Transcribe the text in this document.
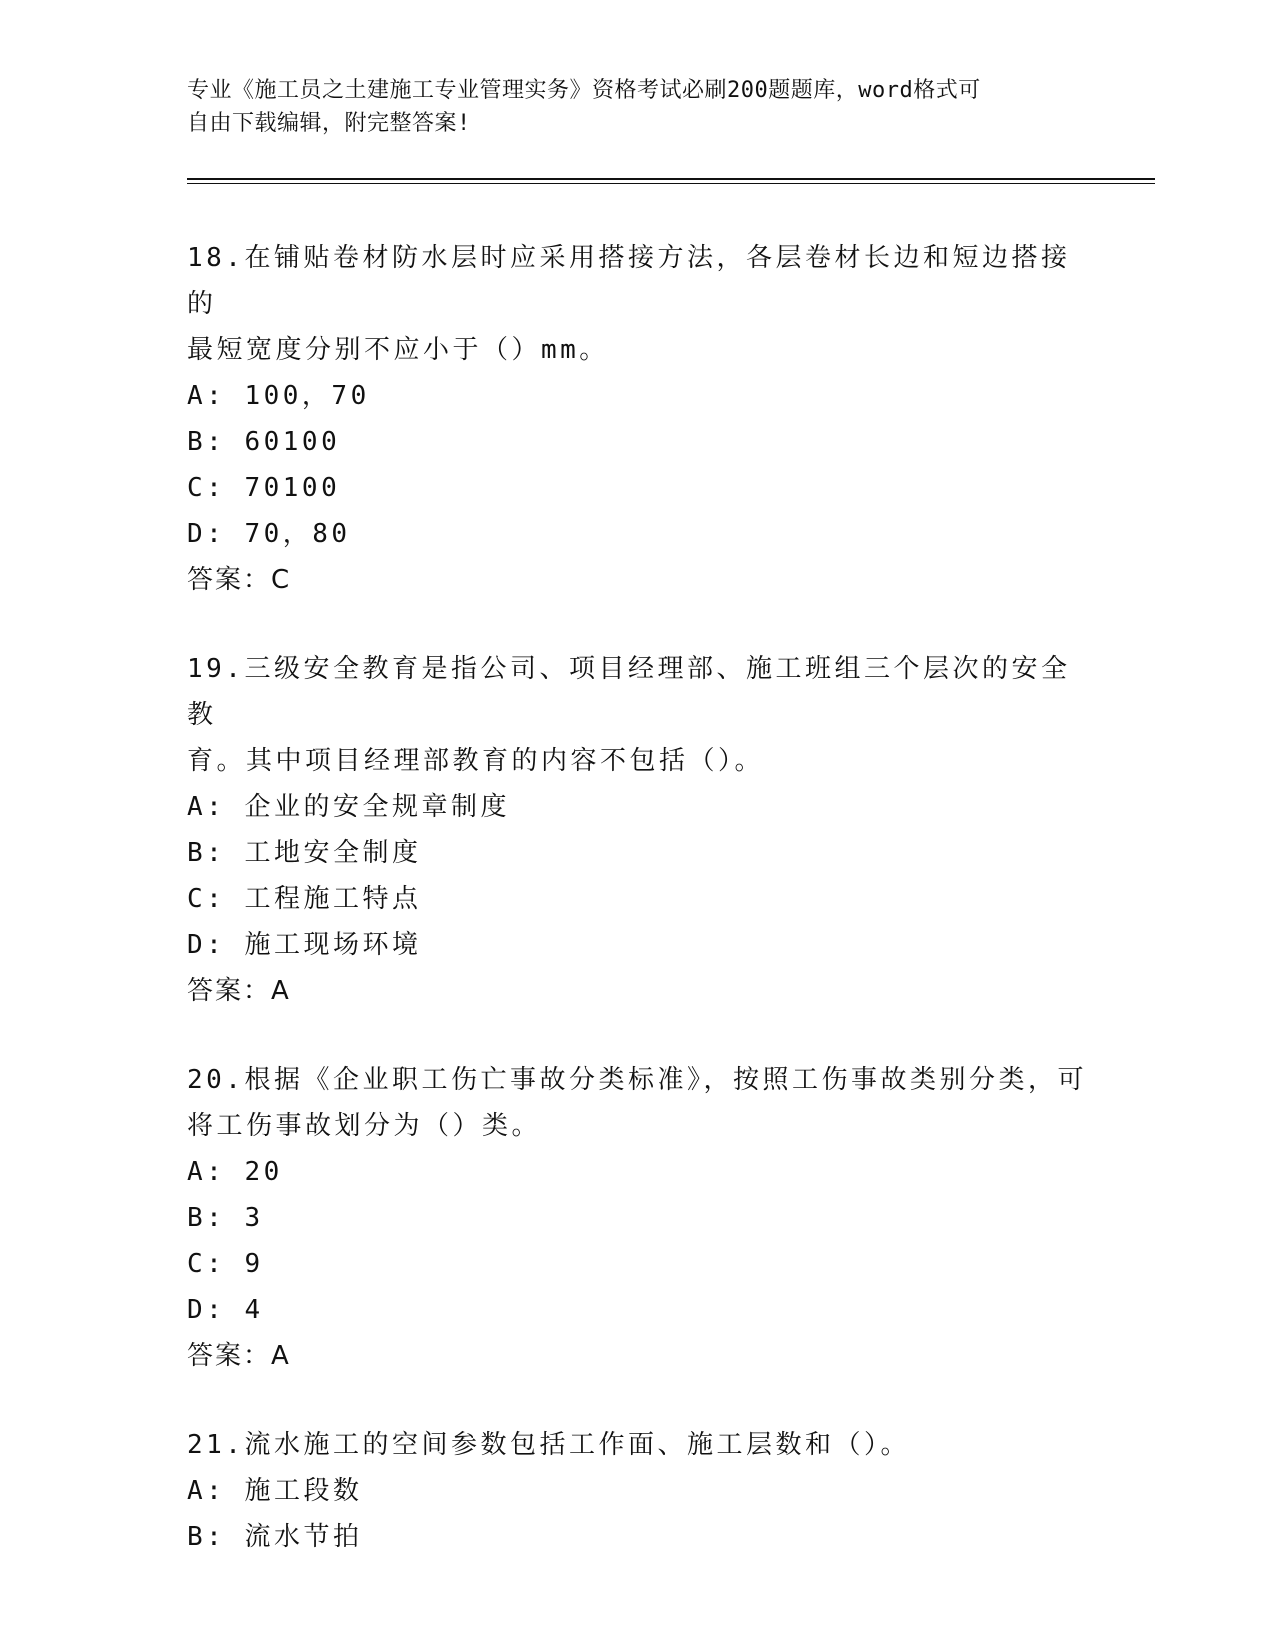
专业《施工员之土建施工专业管理实务》资格考试必刷200题题库，word格式可
自由下载编辑，附完整答案!
18.在铺贴卷材防水层时应采用搭接方法，各层卷材长边和短边搭接的
最短宽度分别不应小于（）mm。
A: 100，70
B: 60100
C: 70100
D: 70，80
答案：C
19.三级安全教育是指公司、项目经理部、施工班组三个层次的安全教
育。其中项目经理部教育的内容不包括（）。
A: 企业的安全规章制度
B: 工地安全制度
C: 工程施工特点
D: 施工现场环境
答案：A
20.根据《企业职工伤亡事故分类标准》，按照工伤事故类别分类，可
将工伤事故划分为（）类。
A: 20
B: 3
C: 9
D: 4
答案：A
21.流水施工的空间参数包括工作面、施工层数和（）。
A: 施工段数
B: 流水节拍
